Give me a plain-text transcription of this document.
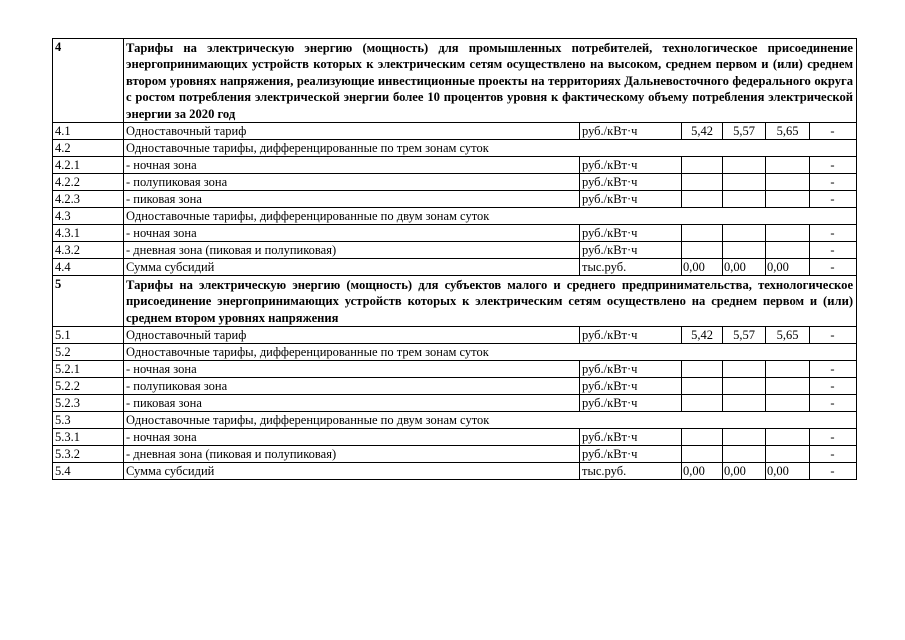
4	Тарифы на электрическую энергию (мощность) для промышленных потребителей, технологическое присоединение энергопринимающих устройств которых к электрическим сетям осуществлено на высоком, среднем первом и (или) среднем втором уровнях напряжения, реализующие инвестиционные проекты на территориях Дальневосточного федерального округа с ростом потребления электрической энергии более 10 процентов уровня к фактическому объему потребления электрической энергии за 2020 год					
4.1	Одноставочный тариф	руб./кВт·ч	5,42	5,57	5,65	-
4.2	Одноставочные тарифы, дифференцированные по трем зонам суток					
4.2.1	- ночная зона	руб./кВт·ч				-
4.2.2	- полупиковая зона	руб./кВт·ч				-
4.2.3	- пиковая зона	руб./кВт·ч				-
4.3	Одноставочные тарифы, дифференцированные по двум зонам суток					
4.3.1	- ночная зона	руб./кВт·ч				-
4.3.2	- дневная зона (пиковая и полупиковая)	руб./кВт·ч				-
4.4	Сумма субсидий	тыс.руб.	0,00	0,00	0,00	-
5	Тарифы на электрическую энергию (мощность) для субъектов малого и среднего предпринимательства, технологическое присоединение энергопринимающих устройств которых к электрическим сетям осуществлено на среднем первом и (или) среднем втором уровнях напряжения					
5.1	Одноставочный тариф	руб./кВт·ч	5,42	5,57	5,65	-
5.2	Одноставочные тарифы, дифференцированные по трем зонам суток					
5.2.1	- ночная зона	руб./кВт·ч				-
5.2.2	- полупиковая зона	руб./кВт·ч				-
5.2.3	- пиковая зона	руб./кВт·ч				-
5.3	Одноставочные тарифы, дифференцированные по двум зонам суток					
5.3.1	- ночная зона	руб./кВт·ч				-
5.3.2	- дневная зона (пиковая и полупиковая)	руб./кВт·ч				-
5.4	Сумма субсидий	тыс.руб.	0,00	0,00	0,00	-
